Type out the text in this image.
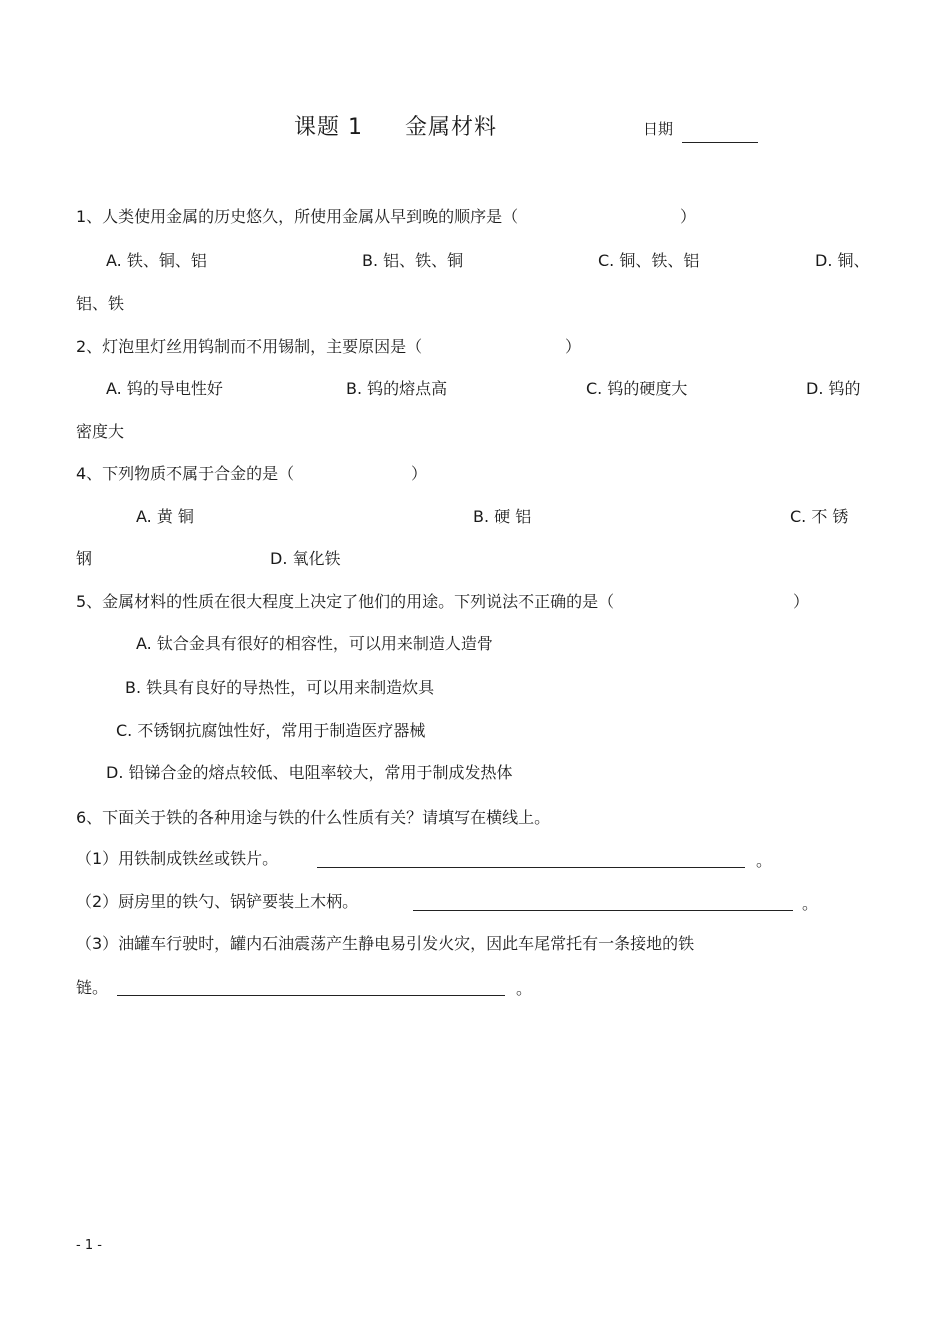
课题 1 金属材料	日期
1、人类使用金属的历史悠久，所使用金属从早到晚的顺序是（	）
A. 铁、铜、铝	B. 铝、铁、铜	C. 铜、铁、铝	D. 铜、
铝、铁
2、灯泡里灯丝用钨制而不用锡制，主要原因是（	）
A. 钨的导电性好	B. 钨的熔点高	C. 钨的硬度大	D. 钨的
密度大
4、下列物质不属于合金的是（	）
A. 黄 铜	B. 硬 铝	C. 不 锈
钢	D. 氧化铁
5、金属材料的性质在很大程度上决定了他们的用途。下列说法不正确的是（	）
A. 钛合金具有很好的相容性，可以用来制造人造骨
B. 铁具有良好的导热性，可以用来制造炊具
C. 不锈钢抗腐蚀性好，常用于制造医疗器械
D. 铅锑合金的熔点较低、电阻率较大，常用于制成发热体
6、下面关于铁的各种用途与铁的什么性质有关？请填写在横线上。
（1）用铁制成铁丝或铁片。	。
（2）厨房里的铁勺、锅铲要装上木柄。	。
（3）油罐车行驶时，罐内石油震荡产生静电易引发火灾，因此车尾常托有一条接地的铁
链。	。
- 1 -
